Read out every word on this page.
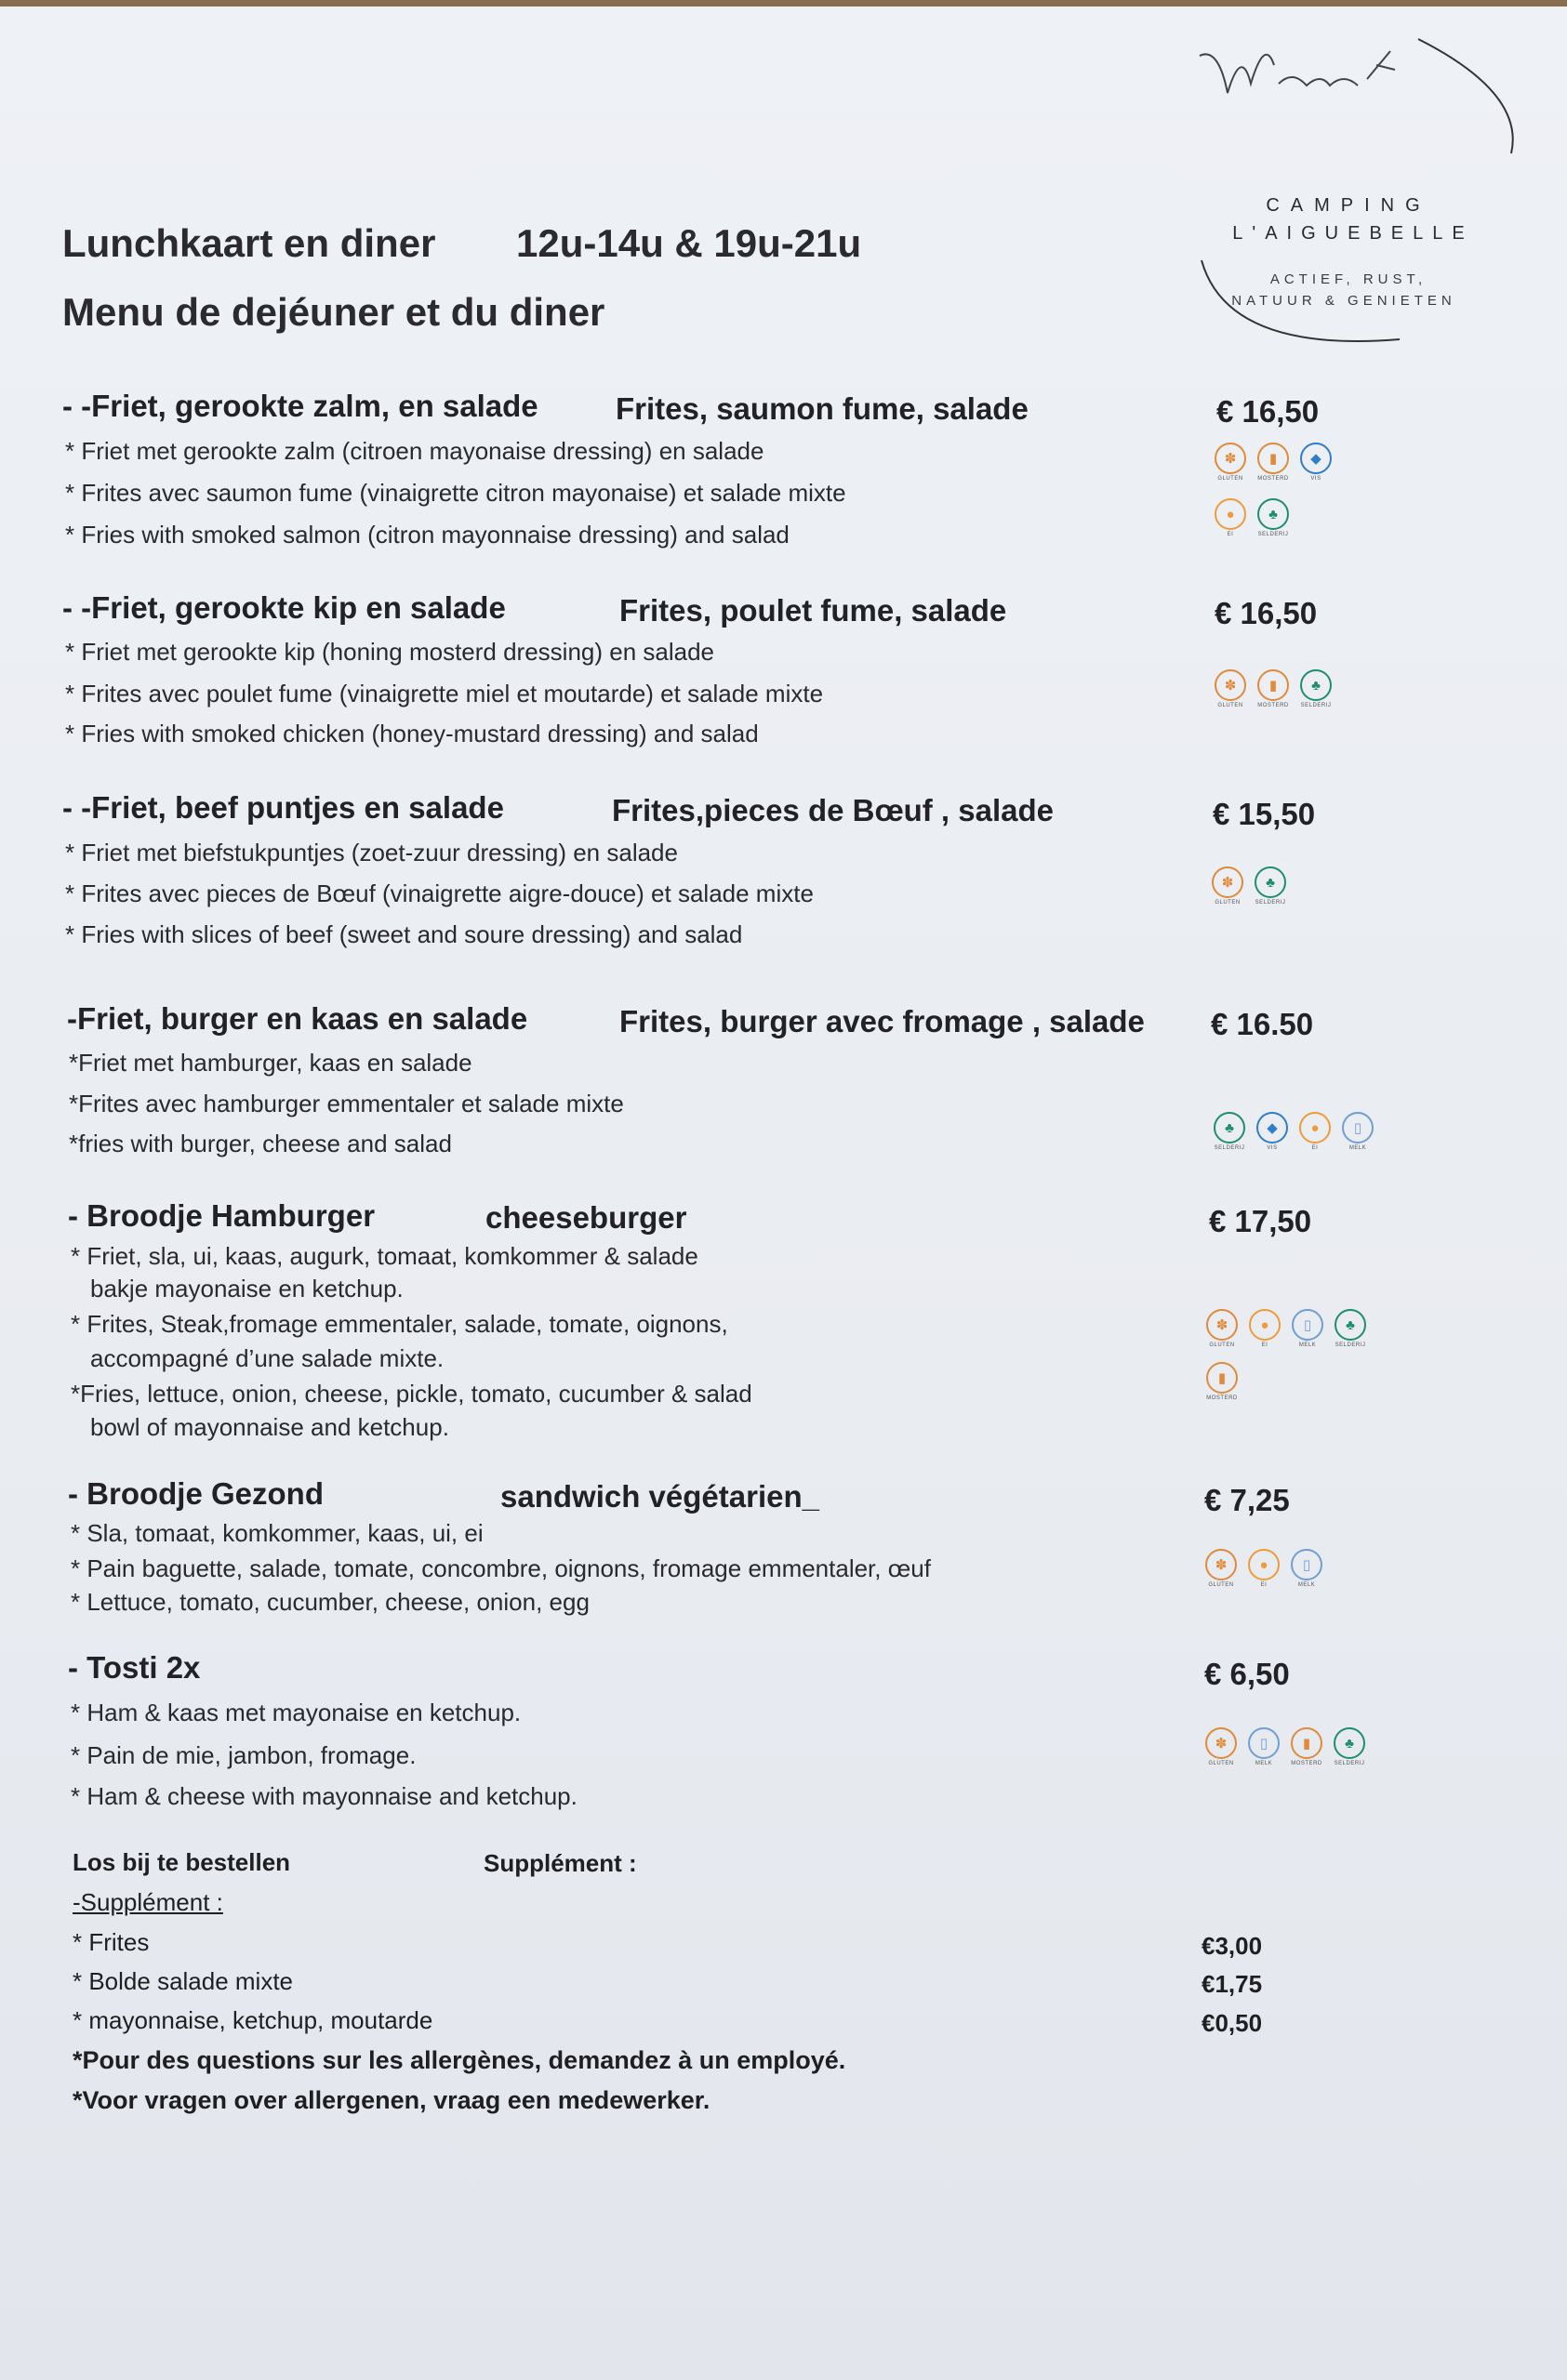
CAMPING
L'AIGUEBELLE
ACTIEF, RUST,
NATUUR & GENIETEN
Lunchkaart en diner 12u-14u & 19u-21u
Menu de dejéuner et du diner
- -Friet, gerookte zalm, en salade	Frites, saumon fume, salade	€ 16,50
* Friet met gerookte zalm (citroen mayonaise dressing) en salade
* Frites avec saumon fume (vinaigrette citron mayonaise) et salade mixte
* Fries with smoked salmon (citron mayonnaise dressing) and salad
✽
GLUTEN
▮
MOSTERD
◆
VIS
●
EI
♣
SELDERIJ
- -Friet, gerookte kip en salade	Frites, poulet fume, salade	€ 16,50
* Friet met gerookte kip (honing mosterd dressing) en salade
* Frites avec poulet fume (vinaigrette miel et moutarde) et salade mixte
* Fries with smoked chicken (honey-mustard dressing) and salad
✽
GLUTEN
▮
MOSTERD
♣
SELDERIJ
- -Friet, beef puntjes en salade	Frites,pieces de Bœuf , salade	€ 15,50
* Friet met biefstukpuntjes (zoet-zuur dressing) en salade
* Frites avec pieces de Bœuf (vinaigrette aigre-douce) et salade mixte
* Fries with slices of beef (sweet and soure dressing) and salad
✽
GLUTEN
♣
SELDERIJ
-Friet, burger en kaas en salade	Frites, burger avec fromage , salade € 16.50
*Friet met hamburger, kaas en salade
*Frites avec hamburger emmentaler et salade mixte
*fries with burger, cheese and salad
♣
SELDERIJ
◆
VIS
●
EI
▯
MELK
- Broodje Hamburger	cheeseburger	€ 17,50
* Friet, sla, ui, kaas, augurk, tomaat, komkommer & salade
bakje mayonaise en ketchup.
* Frites, Steak,fromage emmentaler, salade, tomate, oignons,
accompagné d’une salade mixte.
*Fries, lettuce, onion, cheese, pickle, tomato, cucumber & salad
bowl of mayonnaise and ketchup.
✽
GLUTEN
●
EI
▯
MELK
♣
SELDERIJ
▮
MOSTERD
- Broodje Gezond	sandwich végétarien_	€ 7,25
* Sla, tomaat, komkommer, kaas, ui, ei
* Pain baguette, salade, tomate, concombre, oignons, fromage emmentaler, œuf
* Lettuce, tomato, cucumber, cheese, onion, egg
✽
GLUTEN
●
EI
▯
MELK
- Tosti 2x	€ 6,50
* Ham & kaas met mayonaise en ketchup.
* Pain de mie, jambon, fromage.
* Ham & cheese with mayonnaise and ketchup.
✽
GLUTEN
▯
MELK
▮
MOSTERD
♣
SELDERIJ
Los bij te bestellen	Supplément :
-Supplément :
* Frites	€3,00
* Bolde salade mixte	€1,75
* mayonnaise, ketchup, moutarde	€0,50
*Pour des questions sur les allergènes, demandez à un employé.
*Voor vragen over allergenen, vraag een medewerker.
